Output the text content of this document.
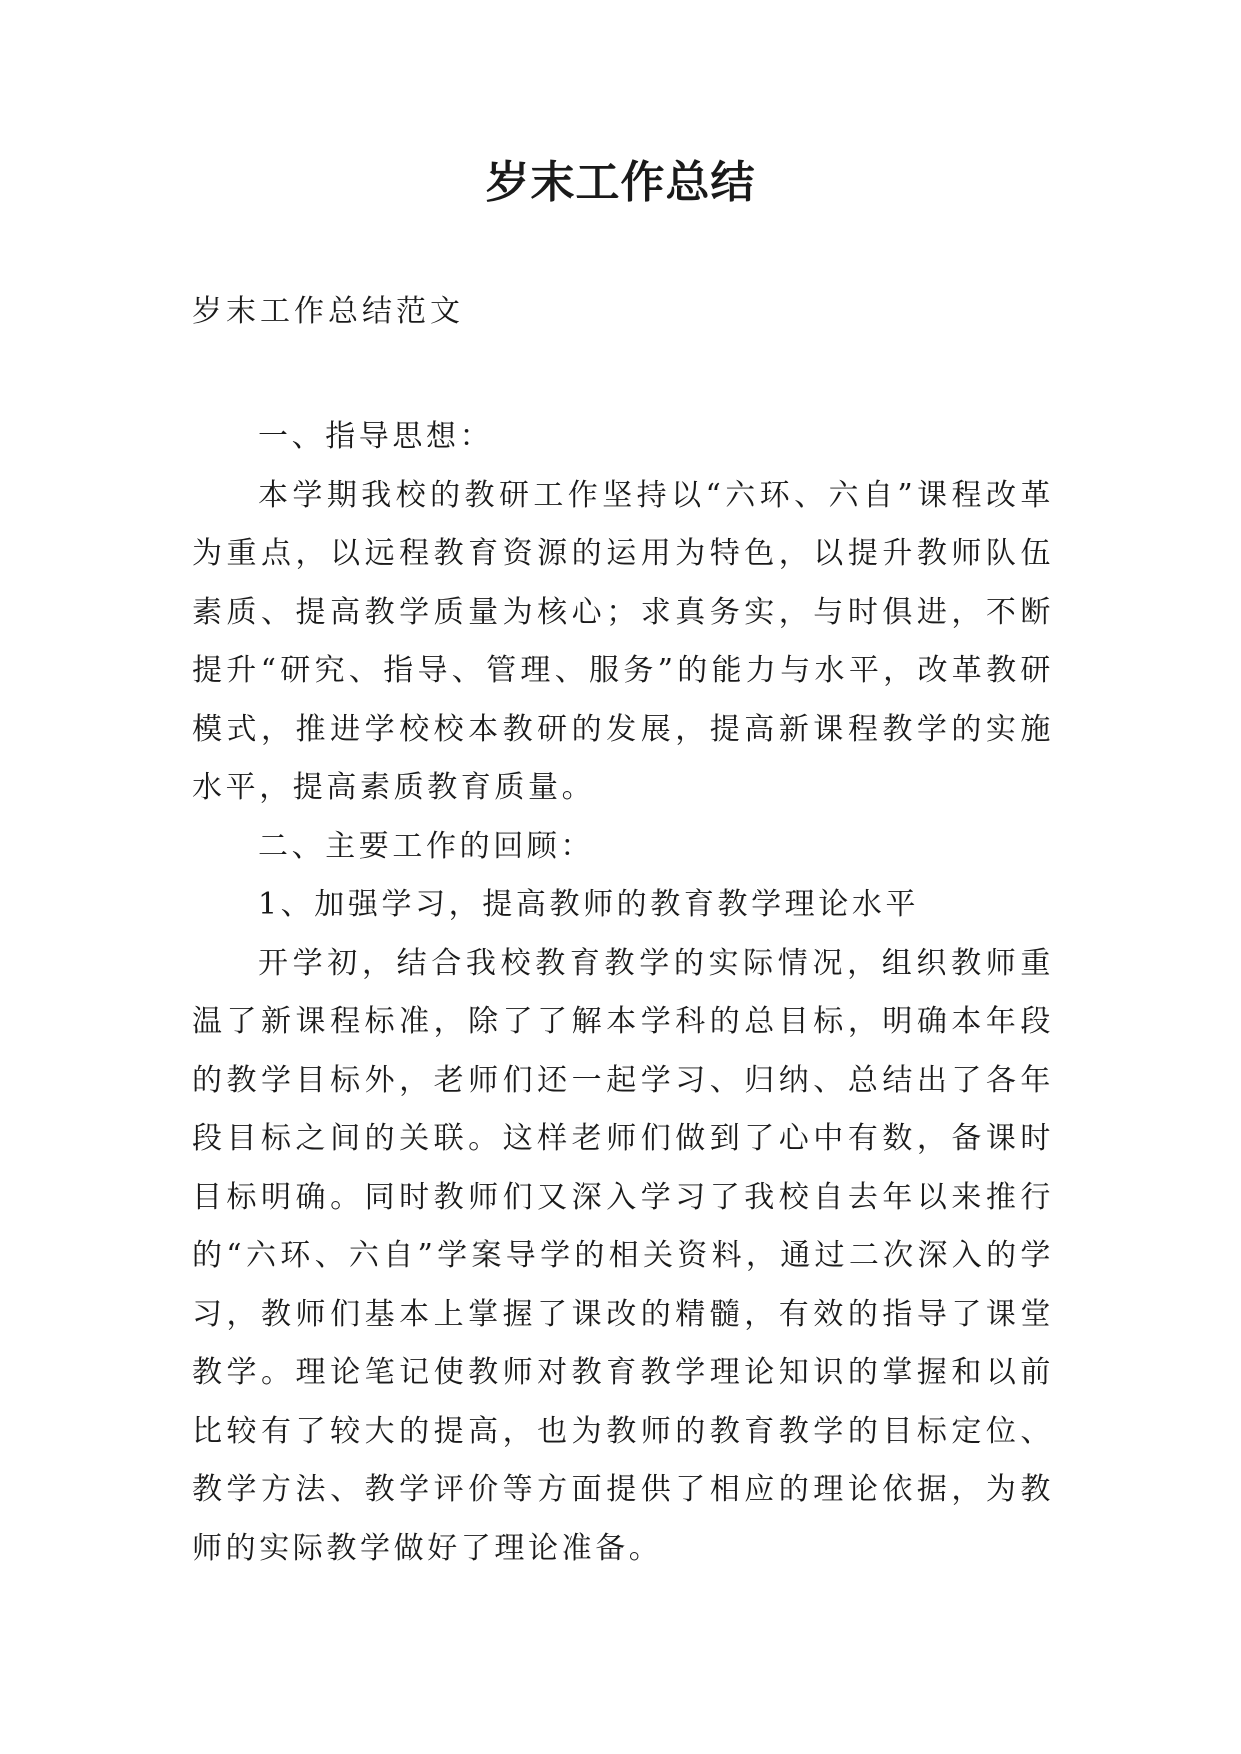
岁末工作总结
岁末工作总结范文

一、指导思想：

本学期我校的教研工作坚持以“六环、六自”课程改革为重点，以远程教育资源的运用为特色，以提升教师队伍素质、提高教学质量为核心；求真务实，与时俱进，不断提升“研究、指导、管理、服务”的能力与水平，改革教研模式，推进学校校本教研的发展，提高新课程教学的实施水平，提高素质教育质量。

二、主要工作的回顾：

1、加强学习，提高教师的教育教学理论水平

开学初，结合我校教育教学的实际情况，组织教师重温了新课程标准，除了了解本学科的总目标，明确本年段的教学目标外，老师们还一起学习、归纳、总结出了各年段目标之间的关联。这样老师们做到了心中有数，备课时目标明确。同时教师们又深入学习了我校自去年以来推行的“六环、六自”学案导学的相关资料，通过二次深入的学习，教师们基本上掌握了课改的精髓，有效的指导了课堂教学。理论笔记使教师对教育教学理论知识的掌握和以前比较有了较大的提高，也为教师的教育教学的目标定位、教学方法、教学评价等方面提供了相应的理论依据，为教师的实际教学做好了理论准备。
